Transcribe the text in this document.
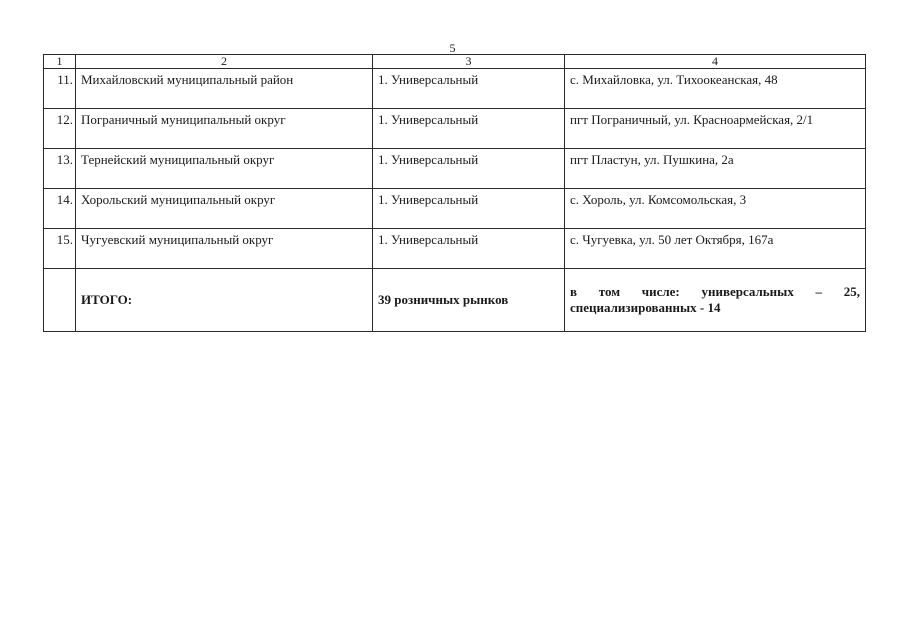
5
1	2	3	4
11.	Михайловский муниципальный район	1. Универсальный	с. Михайловка, ул. Тихоокеанская, 48
12.	Пограничный муниципальный округ	1. Универсальный	пгт Пограничный, ул. Красноармейская, 2/1
13.	Тернейский муниципальный округ	1. Универсальный	пгт Пластун, ул. Пушкина, 2а
14.	Хорольский муниципальный округ	1. Универсальный	с. Хороль, ул. Комсомольская, 3
15.	Чугуевский муниципальный округ	1. Универсальный	с. Чугуевка, ул. 50 лет Октября, 167а
	ИТОГО:	39 розничных рынков	в том числе: универсальных – 25, специализированных - 14
